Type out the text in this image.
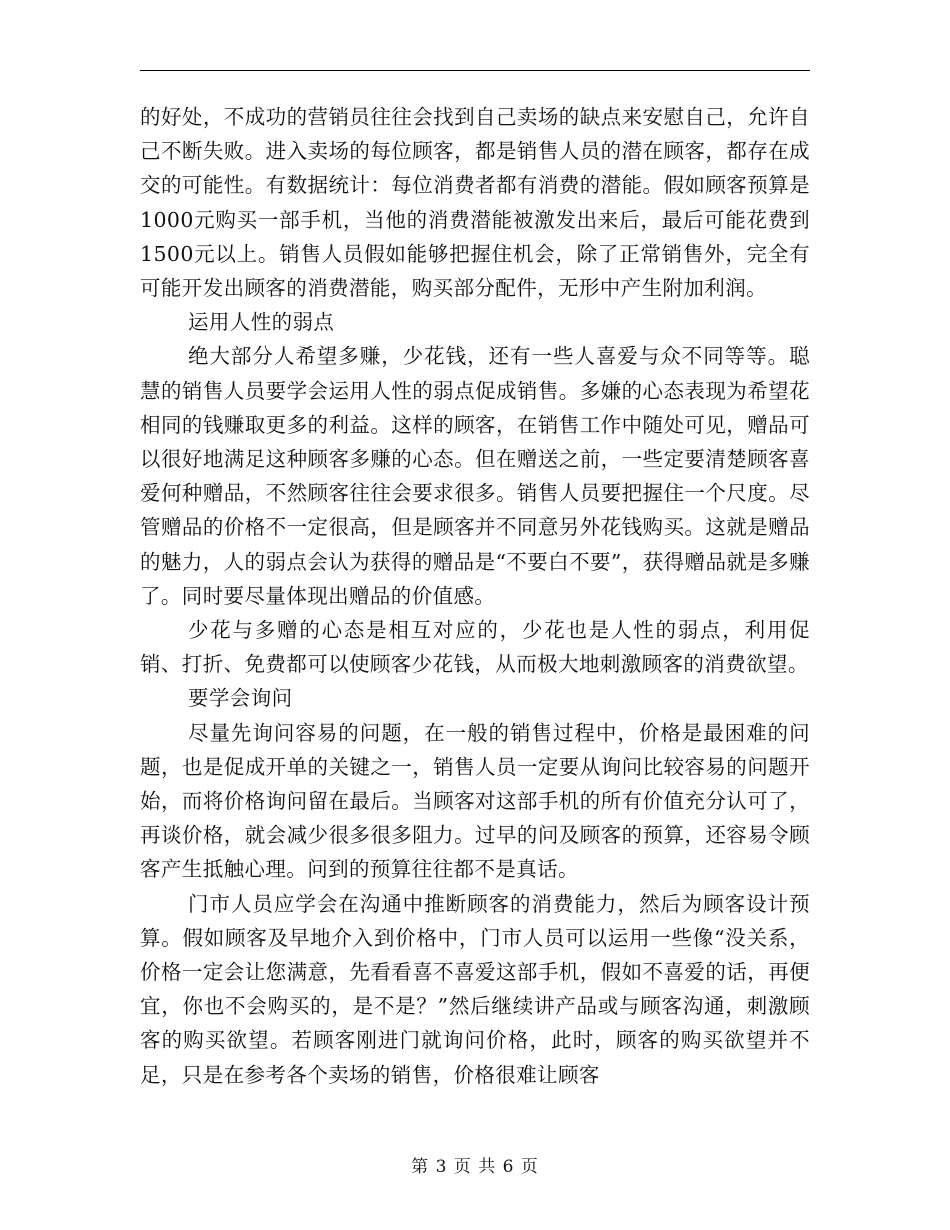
的好处，不成功的营销员往往会找到自己卖场的缺点来安慰自己，允许自己不断失败。进入卖场的每位顾客，都是销售人员的潜在顾客，都存在成交的可能性。有数据统计：每位消费者都有消费的潜能。假如顾客预算是1000元购买一部手机，当他的消费潜能被激发出来后，最后可能花费到1500元以上。销售人员假如能够把握住机会，除了正常销售外，完全有可能开发出顾客的消费潜能，购买部分配件，无形中产生附加利润。

运用人性的弱点

绝大部分人希望多赚，少花钱，还有一些人喜爱与众不同等等。聪慧的销售人员要学会运用人性的弱点促成销售。多嫌的心态表现为希望花相同的钱赚取更多的利益。这样的顾客，在销售工作中随处可见，赠品可以很好地满足这种顾客多赚的心态。但在赠送之前，一些定要清楚顾客喜爱何种赠品，不然顾客往往会要求很多。销售人员要把握住一个尺度。尽管赠品的价格不一定很高，但是顾客并不同意另外花钱购买。这就是赠品的魅力，人的弱点会认为获得的赠品是“不要白不要”，获得赠品就是多赚了。同时要尽量体现出赠品的价值感。

少花与多赠的心态是相互对应的，少花也是人性的弱点，利用促销、打折、免费都可以使顾客少花钱，从而极大地刺激顾客的消费欲望。

要学会询问

尽量先询问容易的问题，在一般的销售过程中，价格是最困难的问题，也是促成开单的关键之一，销售人员一定要从询问比较容易的问题开始，而将价格询问留在最后。当顾客对这部手机的所有价值充分认可了，再谈价格，就会减少很多很多阻力。过早的问及顾客的预算，还容易令顾客产生抵触心理。问到的预算往往都不是真话。

门市人员应学会在沟通中推断顾客的消费能力，然后为顾客设计预算。假如顾客及早地介入到价格中，门市人员可以运用一些像“没关系，价格一定会让您满意，先看看喜不喜爱这部手机，假如不喜爱的话，再便宜，你也不会购买的，是不是？”然后继续讲产品或与顾客沟通，刺激顾客的购买欲望。若顾客刚进门就询问价格，此时，顾客的购买欲望并不足，只是在参考各个卖场的销售，价格很难让顾客

第 3 页 共 6 页
